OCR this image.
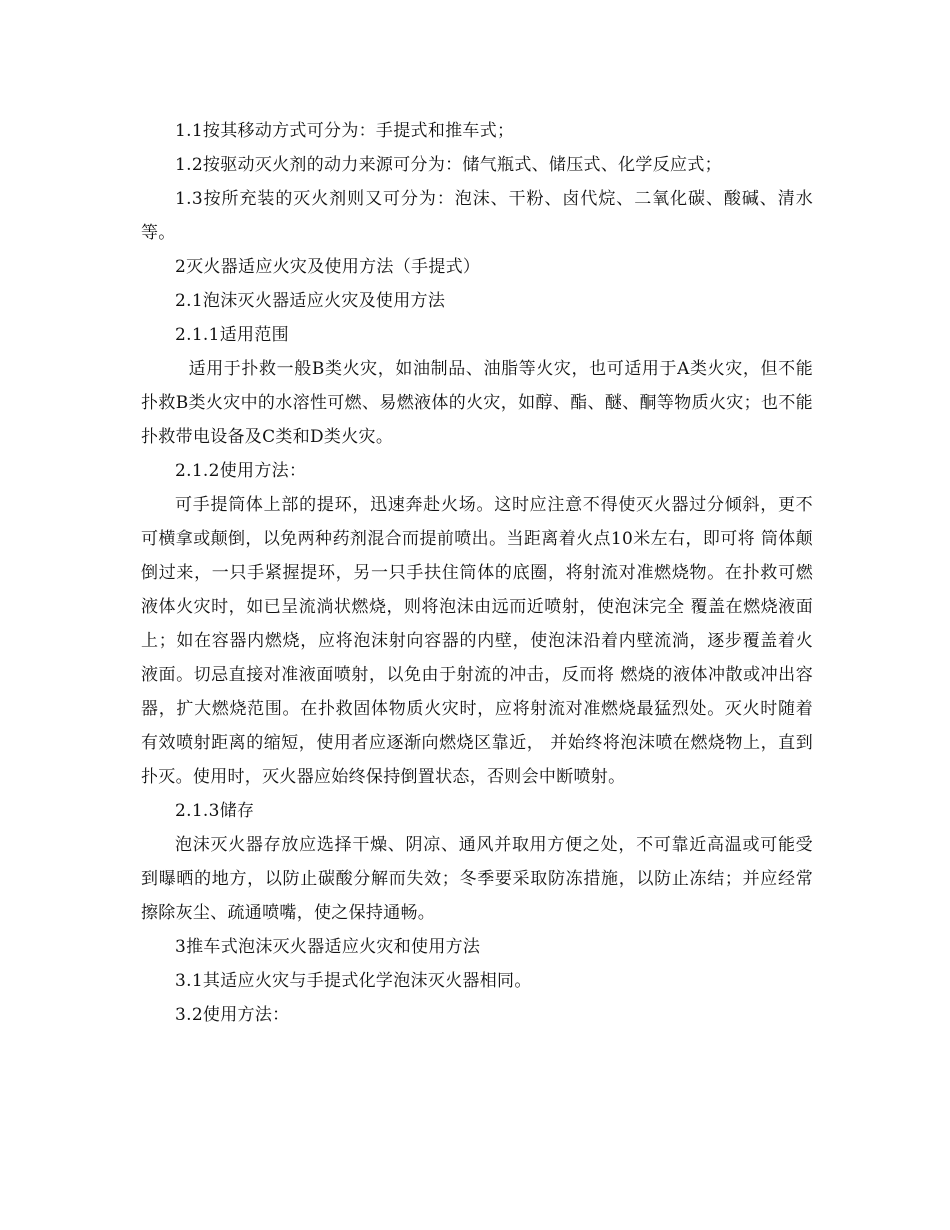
1.1按其移动方式可分为：手提式和推车式；

1.2按驱动灭火剂的动力来源可分为：储气瓶式、储压式、化学反应式；

1.3按所充装的灭火剂则又可分为：泡沫、干粉、卤代烷、二氧化碳、酸碱、清水等。

2灭火器适应火灾及使用方法（手提式）

2.1泡沫灭火器适应火灾及使用方法

2.1.1适用范围

适用于扑救一般B类火灾，如油制品、油脂等火灾，也可适用于A类火灾，但不能扑救B类火灾中的水溶性可燃、易燃液体的火灾，如醇、酯、醚、酮等物质火灾；也不能扑救带电设备及C类和D类火灾。

2.1.2使用方法：

可手提筒体上部的提环，迅速奔赴火场。这时应注意不得使灭火器过分倾斜，更不可横拿或颠倒，以免两种药剂混合而提前喷出。当距离着火点10米左右，即可将 筒体颠倒过来，一只手紧握提环，另一只手扶住筒体的底圈，将射流对准燃烧物。在扑救可燃液体火灾时，如已呈流淌状燃烧，则将泡沫由远而近喷射，使泡沫完全 覆盖在燃烧液面上；如在容器内燃烧，应将泡沫射向容器的内壁，使泡沫沿着内壁流淌，逐步覆盖着火液面。切忌直接对准液面喷射，以免由于射流的冲击，反而将 燃烧的液体冲散或冲出容器，扩大燃烧范围。在扑救固体物质火灾时，应将射流对准燃烧最猛烈处。灭火时随着有效喷射距离的缩短，使用者应逐渐向燃烧区靠近， 并始终将泡沫喷在燃烧物上，直到扑灭。使用时，灭火器应始终保持倒置状态，否则会中断喷射。

2.1.3储存

泡沫灭火器存放应选择干燥、阴凉、通风并取用方便之处，不可靠近高温或可能受到曝晒的地方，以防止碳酸分解而失效；冬季要采取防冻措施，以防止冻结；并应经常擦除灰尘、疏通喷嘴，使之保持通畅。

3推车式泡沫灭火器适应火灾和使用方法

3.1其适应火灾与手提式化学泡沫灭火器相同。

3.2使用方法：
